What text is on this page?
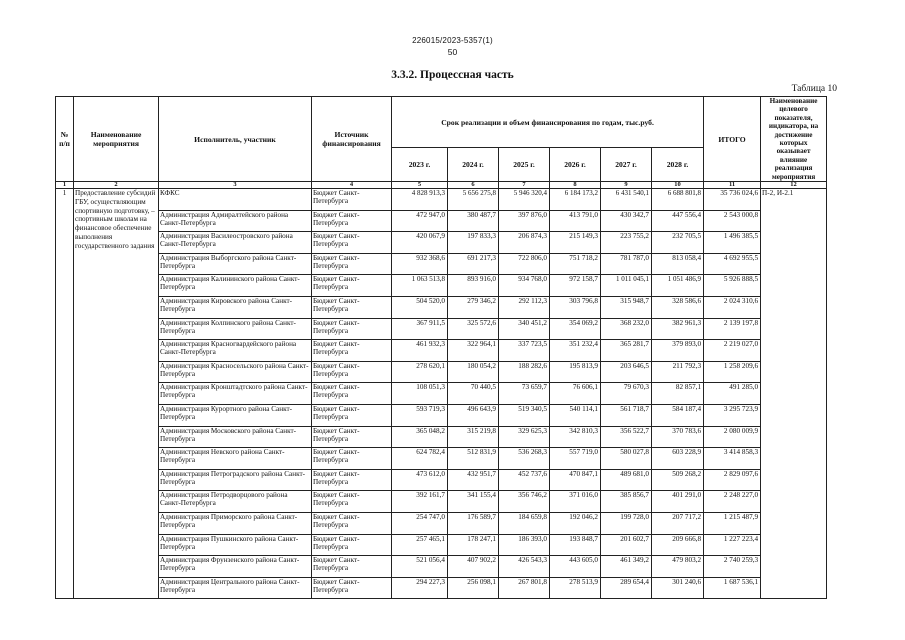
226015/2023-5357(1)
50
3.3.2. Процессная часть
Таблица 10
№ п/п	Наименование мероприятия	Исполнитель, участник	Источник финансирования	Срок реализации и объем финансирования по годам, тыс.руб.						ИТОГО	Наименование целевого показателя, индикатора, на достижение которых оказывает влияние реализация мероприятия
				2023 г.	2024 г.	2025 г.	2026 г.	2027 г.	2028 г.		
1	2	3	4	5	6	7	8	9	10	11	12
1	Предоставление субсидий ГБУ, осуществляющим спортивную подготовку, – спортивным школам на финансовое обеспечение выполнения государственного задания	КФКС	Бюджет Санкт-Петербурга	4 828 913,3	5 656 275,8	5 946 320,4	6 184 173,2	6 431 540,1	6 688 801,8	35 736 024,6	П-2, И-2.1
		Администрация Адмиралтейского района Санкт-Петербурга	Бюджет Санкт-Петербурга	472 947,0	380 487,7	397 876,0	413 791,0	430 342,7	447 556,4	2 543 000,8	
		Администрация Василеостровского района Санкт-Петербурга	Бюджет Санкт-Петербурга	420 067,9	197 833,3	206 874,3	215 149,3	223 755,2	232 705,5	1 496 385,5	
		Администрация Выборгского района Санкт-Петербурга	Бюджет Санкт-Петербурга	932 368,6	691 217,3	722 806,0	751 718,2	781 787,0	813 058,4	4 692 955,5	
		Администрация Калининского района Санкт-Петербурга	Бюджет Санкт-Петербурга	1 063 513,8	893 916,0	934 768,0	972 158,7	1 011 045,1	1 051 486,9	5 926 888,5	
		Администрация Кировского района Санкт-Петербурга	Бюджет Санкт-Петербурга	504 520,0	279 346,2	292 112,3	303 796,8	315 948,7	328 586,6	2 024 310,6	
		Администрация Колпинского района Санкт-Петербурга	Бюджет Санкт-Петербурга	367 911,5	325 572,6	340 451,2	354 069,2	368 232,0	382 961,3	2 139 197,8	
		Администрация Красногвардейского района Санкт-Петербурга	Бюджет Санкт-Петербурга	461 932,3	322 964,1	337 723,5	351 232,4	365 281,7	379 893,0	2 219 027,0	
		Администрация Красносельского района Санкт-Петербурга	Бюджет Санкт-Петербурга	278 620,1	180 054,2	188 282,6	195 813,9	203 646,5	211 792,3	1 258 209,6	
		Администрация Кронштадтского района Санкт-Петербурга	Бюджет Санкт-Петербурга	108 051,3	70 440,5	73 659,7	76 606,1	79 670,3	82 857,1	491 285,0	
		Администрация Курортного района Санкт-Петербурга	Бюджет Санкт-Петербурга	593 719,3	496 643,9	519 340,5	540 114,1	561 718,7	584 187,4	3 295 723,9	
		Администрация Московского района Санкт-Петербурга	Бюджет Санкт-Петербурга	365 048,2	315 219,8	329 625,3	342 810,3	356 522,7	370 783,6	2 080 009,9	
		Администрация Невского района Санкт-Петербурга	Бюджет Санкт-Петербурга	624 782,4	512 831,9	536 268,3	557 719,0	580 027,8	603 228,9	3 414 858,3	
		Администрация Петроградского района Санкт-Петербурга	Бюджет Санкт-Петербурга	473 612,0	432 951,7	452 737,6	470 847,1	489 681,0	509 268,2	2 829 097,6	
		Администрация Петродворцового района Санкт-Петербурга	Бюджет Санкт-Петербурга	392 161,7	341 155,4	356 746,2	371 016,0	385 856,7	401 291,0	2 248 227,0	
		Администрация Приморского района Санкт-Петербурга	Бюджет Санкт-Петербурга	254 747,0	176 589,7	184 659,8	192 046,2	199 728,0	207 717,2	1 215 487,9	
		Администрация Пушкинского района Санкт-Петербурга	Бюджет Санкт-Петербурга	257 465,1	178 247,1	186 393,0	193 848,7	201 602,7	209 666,8	1 227 223,4	
		Администрация Фрунзенского района Санкт-Петербурга	Бюджет Санкт-Петербурга	521 056,4	407 902,2	426 543,3	443 605,0	461 349,2	479 803,2	2 740 259,3	
		Администрация Центрального района Санкт-Петербурга	Бюджет Санкт-Петербурга	294 227,3	256 098,1	267 801,8	278 513,9	289 654,4	301 240,6	1 687 536,1	
